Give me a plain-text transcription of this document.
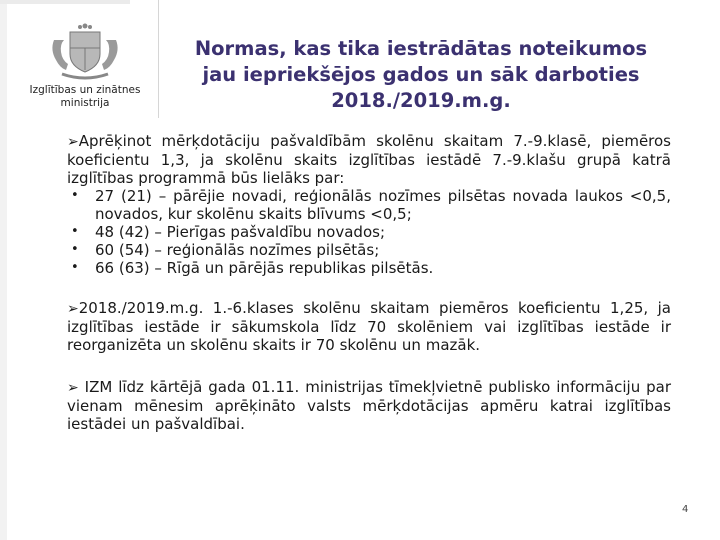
Izglītības un zinātnes
ministrija
Normas, kas tika iestrādātas noteikumos
jau iepriekšējos gados un sāk darboties
2018./2019.m.g.

➢Aprēķinot mērķdotāciju pašvaldībām skolēnu skaitam 7.-9.klasē, piemēros koeficientu 1,3, ja skolēnu skaits izglītības iestādē 7.-9.klašu grupā katrā izglītības programmā būs lielāks par:

• 27 (21) – pārējie novadi, reģionālās nozīmes pilsētas novada laukos <0,5, novados, kur skolēnu skaits blīvums <0,5;
• 48 (42) – Pierīgas pašvaldību novados;
• 60 (54) – reģionālās nozīmes pilsētās;
• 66 (63) – Rīgā un pārējās republikas pilsētās.

➢2018./2019.m.g. 1.-6.klases skolēnu skaitam piemēros koeficientu 1,25, ja izglītības iestāde ir sākumskola līdz 70 skolēniem vai izglītības iestāde ir reorganizēta un skolēnu skaits ir 70 skolēnu un mazāk.

➢ IZM līdz kārtējā gada 01.11. ministrijas tīmekļvietnē publisko informāciju par vienam mēnesim aprēķināto valsts mērķdotācijas apmēru katrai izglītības iestādei un pašvaldībai.

4
